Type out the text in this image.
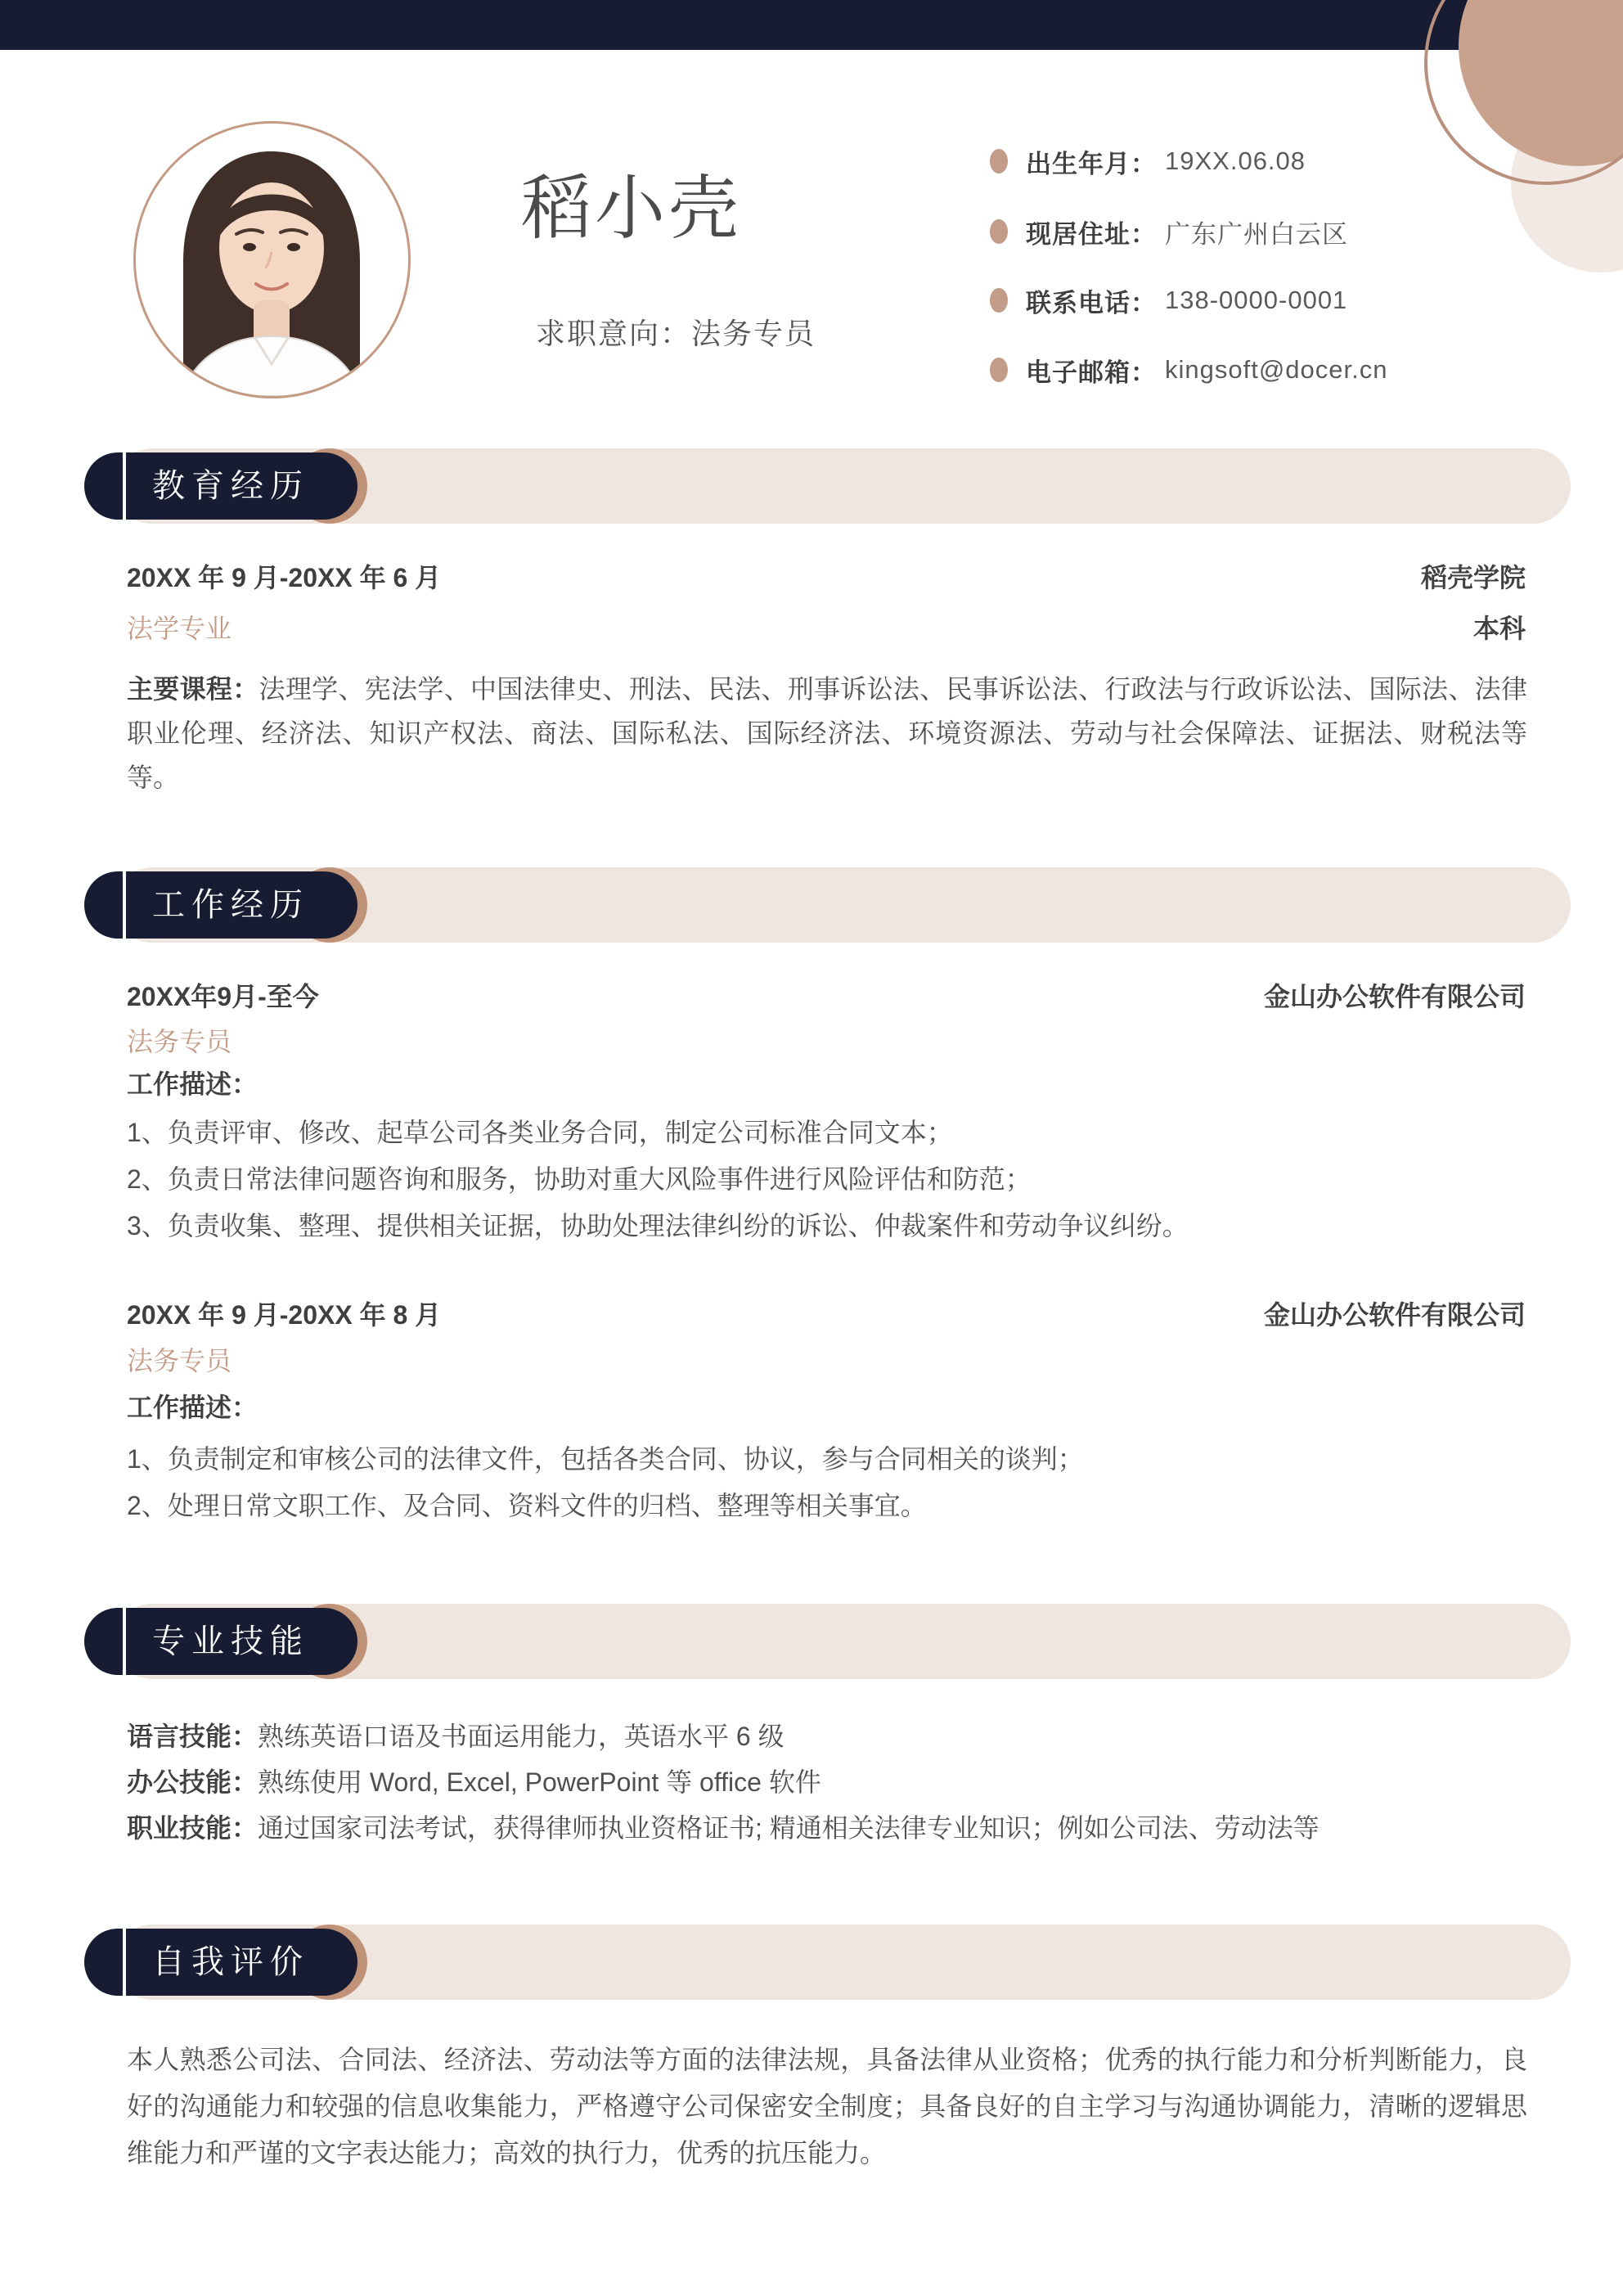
稻小壳
求职意向：法务专员
出生年月： 19XX.06.08
现居住址： 广东广州白云区
联系电话： 138-0000-0001
电子邮箱： kingsoft@docer.cn
教育经历
20XX 年 9 月-20XX 年 6 月	稻壳学院
法学专业	本科

主要课程：法理学、宪法学、中国法律史、刑法、民法、刑事诉讼法、民事诉讼法、行政法与行政诉讼法、国际法、法律职业伦理、经济法、知识产权法、商法、国际私法、国际经济法、环境资源法、劳动与社会保障法、证据法、财税法等等。

工作经历
20XX年9月-至今	金山办公软件有限公司
法务专员
工作描述：
1、负责评审、修改、起草公司各类业务合同，制定公司标准合同文本；
2、负责日常法律问题咨询和服务，协助对重大风险事件进行风险评估和防范；
3、负责收集、整理、提供相关证据，协助处理法律纠纷的诉讼、仲裁案件和劳动争议纠纷。
20XX 年 9 月-20XX 年 8 月	金山办公软件有限公司
法务专员
工作描述：
1、负责制定和审核公司的法律文件，包括各类合同、协议，参与合同相关的谈判；
2、处理日常文职工作、及合同、资料文件的归档、整理等相关事宜。
专业技能
语言技能：熟练英语口语及书面运用能力，英语水平 6 级
办公技能：熟练使用 Word, Excel, PowerPoint 等 office 软件
职业技能：通过国家司法考试，获得律师执业资格证书; 精通相关法律专业知识；例如公司法、劳动法等
自我评价

本人熟悉公司法、合同法、经济法、劳动法等方面的法律法规，具备法律从业资格；优秀的执行能力和分析判断能力，良好的沟通能力和较强的信息收集能力，严格遵守公司保密安全制度；具备良好的自主学习与沟通协调能力，清晰的逻辑思维能力和严谨的文字表达能力；高效的执行力，优秀的抗压能力。
